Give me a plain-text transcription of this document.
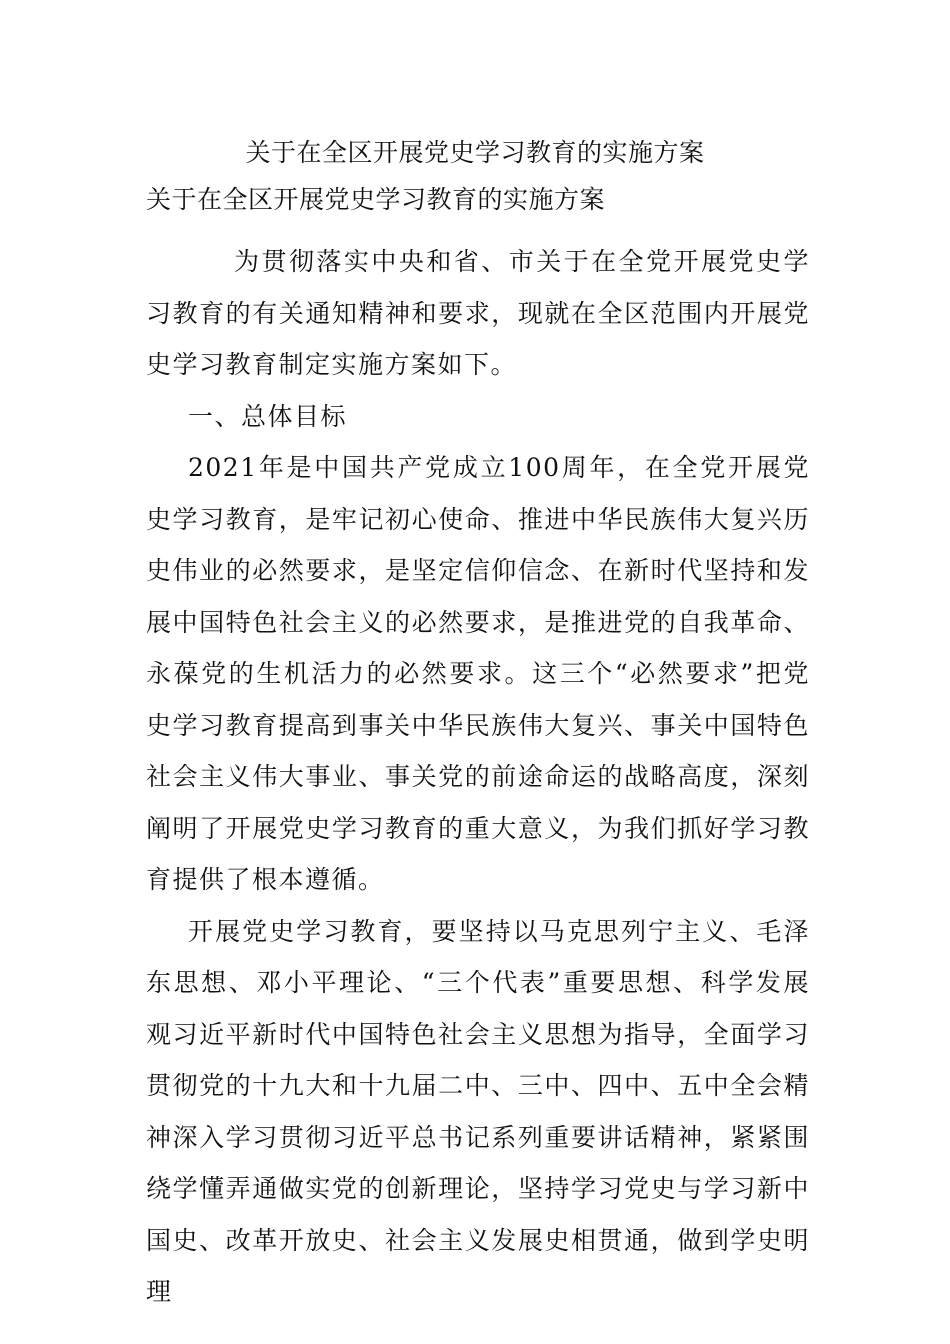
关于在全区开展党史学习教育的实施方案

关于在全区开展党史学习教育的实施方案

为贯彻落实中央和省、市关于在全党开展党史学习教育的有关通知精神和要求，现就在全区范围内开展党史学习教育制定实施方案如下。

一、总体目标

2021年是中国共产党成立100周年，在全党开展党史学习教育，是牢记初心使命、推进中华民族伟大复兴历史伟业的必然要求，是坚定信仰信念、在新时代坚持和发展中国特色社会主义的必然要求，是推进党的自我革命、永葆党的生机活力的必然要求。这三个“必然要求”把党史学习教育提高到事关中华民族伟大复兴、事关中国特色社会主义伟大事业、事关党的前途命运的战略高度，深刻阐明了开展党史学习教育的重大意义，为我们抓好学习教育提供了根本遵循。

开展党史学习教育，要坚持以马克思列宁主义、毛泽东思想、邓小平理论、“三个代表”重要思想、科学发展观习近平新时代中国特色社会主义思想为指导，全面学习贯彻党的十九大和十九届二中、三中、四中、五中全会精神深入学习贯彻习近平总书记系列重要讲话精神，紧紧围绕学懂弄通做实党的创新理论，坚持学习党史与学习新中国史、改革开放史、社会主义发展史相贯通，做到学史明理
